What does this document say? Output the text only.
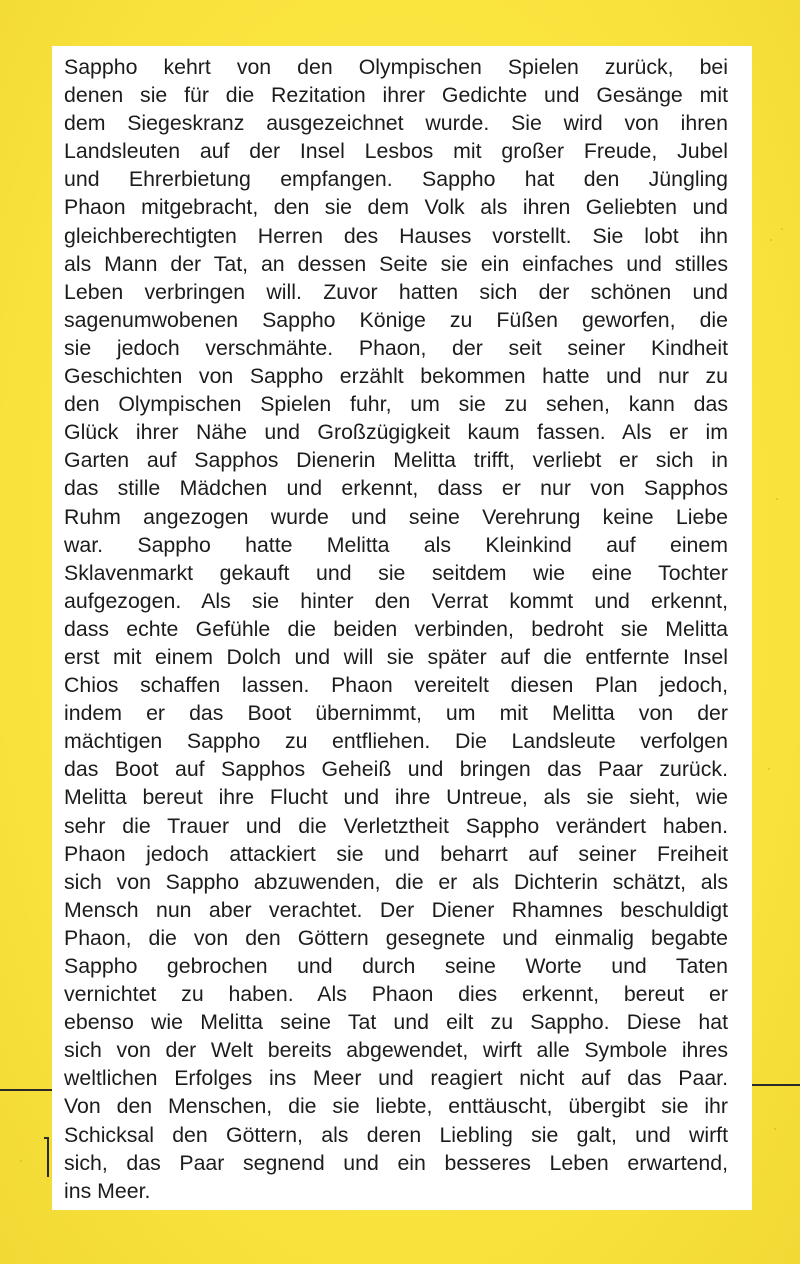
Sappho kehrt von den Olympischen Spielen zurück, bei
denen sie für die Rezitation ihrer Gedichte und Gesänge mit
dem Siegeskranz ausgezeichnet wurde. Sie wird von ihren
Landsleuten auf der Insel Lesbos mit großer Freude, Jubel
und Ehrerbietung empfangen. Sappho hat den Jüngling
Phaon mitgebracht, den sie dem Volk als ihren Geliebten und
gleichberechtigten Herren des Hauses vorstellt. Sie lobt ihn
als Mann der Tat, an dessen Seite sie ein einfaches und stilles
Leben verbringen will. Zuvor hatten sich der schönen und
sagenumwobenen Sappho Könige zu Füßen geworfen, die
sie jedoch verschmähte. Phaon, der seit seiner Kindheit
Geschichten von Sappho erzählt bekommen hatte und nur zu
den Olympischen Spielen fuhr, um sie zu sehen, kann das
Glück ihrer Nähe und Großzügigkeit kaum fassen. Als er im
Garten auf Sapphos Dienerin Melitta trifft, verliebt er sich in
das stille Mädchen und erkennt, dass er nur von Sapphos
Ruhm angezogen wurde und seine Verehrung keine Liebe
war. Sappho hatte Melitta als Kleinkind auf einem
Sklavenmarkt gekauft und sie seitdem wie eine Tochter
aufgezogen. Als sie hinter den Verrat kommt und erkennt,
dass echte Gefühle die beiden verbinden, bedroht sie Melitta
erst mit einem Dolch und will sie später auf die entfernte Insel
Chios schaffen lassen. Phaon vereitelt diesen Plan jedoch,
indem er das Boot übernimmt, um mit Melitta von der
mächtigen Sappho zu entfliehen. Die Landsleute verfolgen
das Boot auf Sapphos Geheiß und bringen das Paar zurück.
Melitta bereut ihre Flucht und ihre Untreue, als sie sieht, wie
sehr die Trauer und die Verletztheit Sappho verändert haben.
Phaon jedoch attackiert sie und beharrt auf seiner Freiheit
sich von Sappho abzuwenden, die er als Dichterin schätzt, als
Mensch nun aber verachtet. Der Diener Rhamnes beschuldigt
Phaon, die von den Göttern gesegnete und einmalig begabte
Sappho gebrochen und durch seine Worte und Taten
vernichtet zu haben. Als Phaon dies erkennt, bereut er
ebenso wie Melitta seine Tat und eilt zu Sappho. Diese hat
sich von der Welt bereits abgewendet, wirft alle Symbole ihres
weltlichen Erfolges ins Meer und reagiert nicht auf das Paar.
Von den Menschen, die sie liebte, enttäuscht, übergibt sie ihr
Schicksal den Göttern, als deren Liebling sie galt, und wirft
sich, das Paar segnend und ein besseres Leben erwartend,
ins Meer.
